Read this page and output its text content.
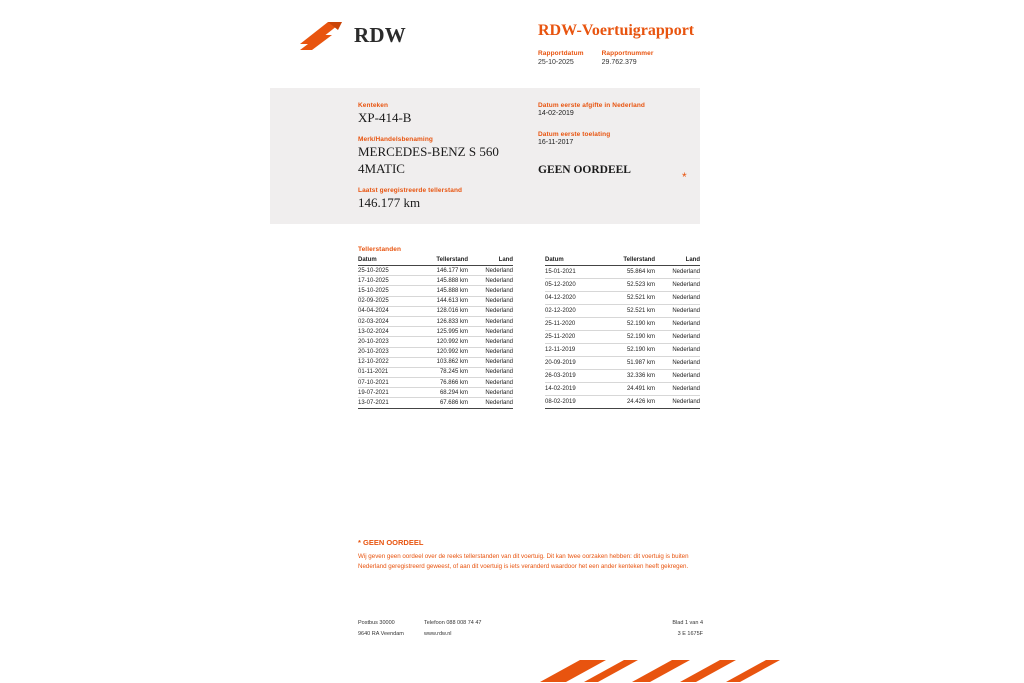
RDW	RDW-Voertuigrapport
Rapportdatum
25-10-2025
Rapportnummer
29.762.379
Kenteken
XP-414-B
Merk/Handelsbenaming
MERCEDES-BENZ S 560 4MATIC
Laatst geregistreerde tellerstand
146.177 km
Datum eerste afgifte in Nederland
14-02-2019
Datum eerste toelating
16-11-2017
GEEN OORDEEL
*
Tellerstanden
Datum	Tellerstand	Land
25-10-2025	146.177 km	Nederland
17-10-2025	145.888 km	Nederland
15-10-2025	145.888 km	Nederland
02-09-2025	144.613 km	Nederland
04-04-2024	128.016 km	Nederland
02-03-2024	126.833 km	Nederland
13-02-2024	125.995 km	Nederland
20-10-2023	120.992 km	Nederland
20-10-2023	120.992 km	Nederland
12-10-2022	103.862 km	Nederland
01-11-2021	78.245 km	Nederland
07-10-2021	76.866 km	Nederland
19-07-2021	68.294 km	Nederland
13-07-2021	67.686 km	Nederland
Datum	Tellerstand	Land
15-01-2021	55.864 km	Nederland
05-12-2020	52.523 km	Nederland
04-12-2020	52.521 km	Nederland
02-12-2020	52.521 km	Nederland
25-11-2020	52.190 km	Nederland
25-11-2020	52.190 km	Nederland
12-11-2019	52.190 km	Nederland
20-09-2019	51.987 km	Nederland
26-03-2019	32.336 km	Nederland
14-02-2019	24.491 km	Nederland
08-02-2019	24.426 km	Nederland
* GEEN OORDEEL
Wij geven geen oordeel over de reeks tellerstanden van dit voertuig. Dit kan twee oorzaken hebben: dit voertuig is buiten Nederland geregistreerd geweest, of aan dit voertuig is iets veranderd waardoor het een ander kenteken heeft gekregen.
Postbus 30000	Telefoon 088 008 74 47	Blad 1 van 4
9640 RA Veendam	www.rdw.nl	3 E 1675F
